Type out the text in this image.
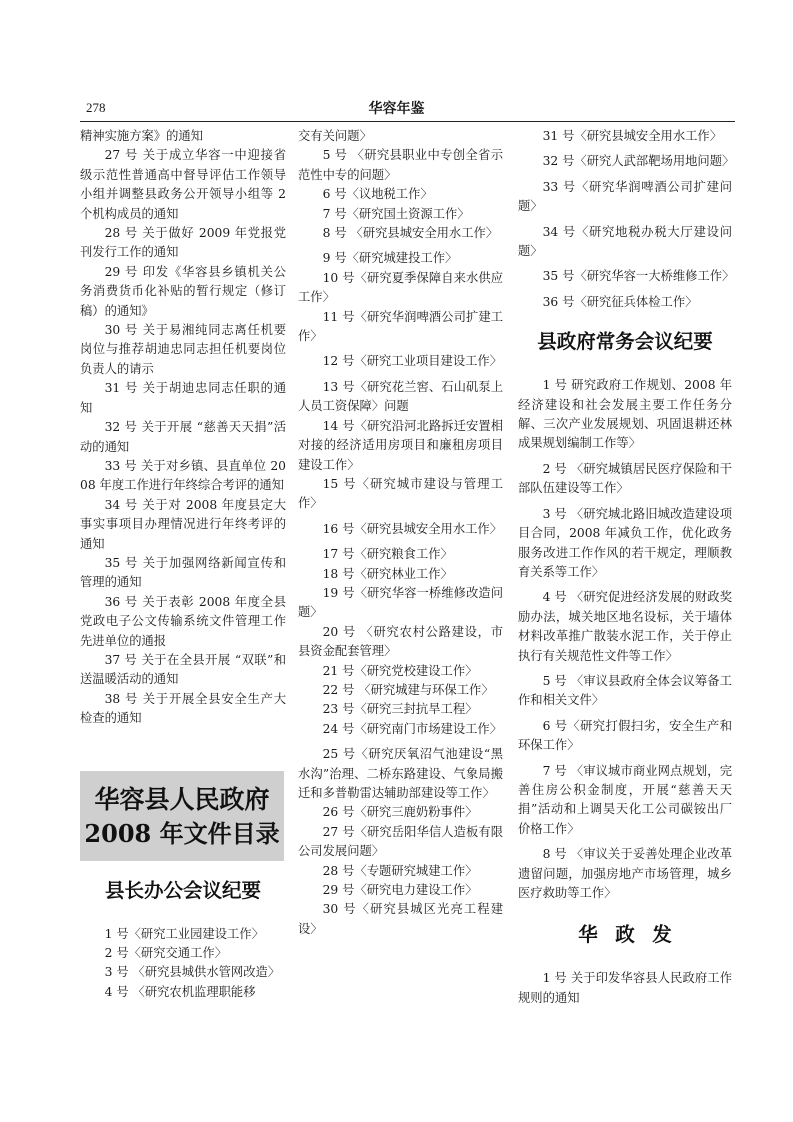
278	华容年鉴

精神实施方案》的通知

27 号 关于成立华容一中迎接省级示范性普通高中督导评估工作领导小组并调整县政务公开领导小组等 2 个机构成员的通知

28 号 关于做好 2009 年党报党刊发行工作的通知

29 号 印发《华容县乡镇机关公务消费货币化补贴的暂行规定（修订稿）的通知》

30 号 关于易湘纯同志离任机要岗位与推荐胡迪忠同志担任机要岗位负责人的请示

31 号 关于胡迪忠同志任职的通知

32 号 关于开展 “慈善天天捐”活动的通知

33 号 关于对乡镇、县直单位 2008 年度工作进行年终综合考评的通知

34 号 关于对 2008 年度县定大事实事项目办理情况进行年终考评的通知

35 号 关于加强网络新闻宣传和管理的通知

36 号 关于表彰 2008 年度全县党政电子公文传输系统文件管理工作先进单位的通报

37 号 关于在全县开展 “双联”和送温暖活动的通知

38 号 关于开展全县安全生产大检查的通知

华容县人民政府
2008 年文件目录
县长办公会议纪要

1 号〈研究工业园建设工作〉

2 号〈研究交通工作〉

3 号 〈研究县城供水管网改造〉

4 号 〈研究农机监理职能移

交有关问题〉

5 号 〈研究县职业中专创全省示范性中专的问题〉

6 号〈议地税工作〉

7 号〈研究国土资源工作〉

8 号 〈研究县城安全用水工作〉

9 号〈研究城建投工作〉

10 号〈研究夏季保障自来水供应工作〉

11 号〈研究华润啤酒公司扩建工作〉

12 号〈研究工业项目建设工作〉

13 号〈研究花兰窖、石山矶泵上人员工资保障〉问题

14 号〈研究沿河北路拆迁安置相对接的经济适用房项目和廉租房项目建设工作〉

15 号〈研究城市建设与管理工作〉

16 号〈研究县城安全用水工作〉

17 号〈研究粮食工作〉

18 号〈研究林业工作〉

19 号〈研究华容一桥维修改造问题〉

20 号 〈研究农村公路建设，市县资金配套管理〉

21 号〈研究党校建设工作〉

22 号 〈研究城建与环保工作〉

23 号〈研究三封抗旱工程〉

24 号〈研究南门市场建设工作〉

25 号〈研究厌氧沼气池建设“黑水沟”治理、二桥东路建设、气象局搬迁和多普勒雷达辅助部建设等工作〉

26 号〈研究三鹿奶粉事件〉

27 号〈研究岳阳华信人造板有限公司发展问题〉

28 号〈专题研究城建工作〉

29 号〈研究电力建设工作〉

30 号〈研究县城区光亮工程建设〉

31 号〈研究县城安全用水工作〉

32 号〈研究人武部靶场用地问题〉

33 号〈研究华润啤酒公司扩建问题〉

34 号〈研究地税办税大厅建设问题〉

35 号〈研究华容一大桥维修工作〉

36 号〈研究征兵体检工作〉

县政府常务会议纪要

1 号 研究政府工作规划、2008 年经济建设和社会发展主要工作任务分解、三次产业发展规划、巩固退耕还林成果规划编制工作等〉

2 号 〈研究城镇居民医疗保险和干部队伍建设等工作〉

3 号 〈研究城北路旧城改造建设项目合同，2008 年减负工作，优化政务服务改进工作作风的若干规定，理顺教育关系等工作〉

4 号 〈研究促进经济发展的财政奖励办法，城关地区地名设标，关于墙体材料改革推广散装水泥工作，关于停止执行有关规范性文件等工作〉

5 号 〈审议县政府全体会议筹备工作和相关文件〉

6 号〈研究打假扫劣，安全生产和环保工作〉

7 号 〈审议城市商业网点规划，完善住房公积金制度，开展“慈善天天捐”活动和上调昊天化工公司碳铵出厂价格工作〉

8 号 〈审议关于妥善处理企业改革遗留问题，加强房地产市场管理，城乡医疗救助等工作〉

华政发

1 号 关于印发华容县人民政府工作规则的通知
